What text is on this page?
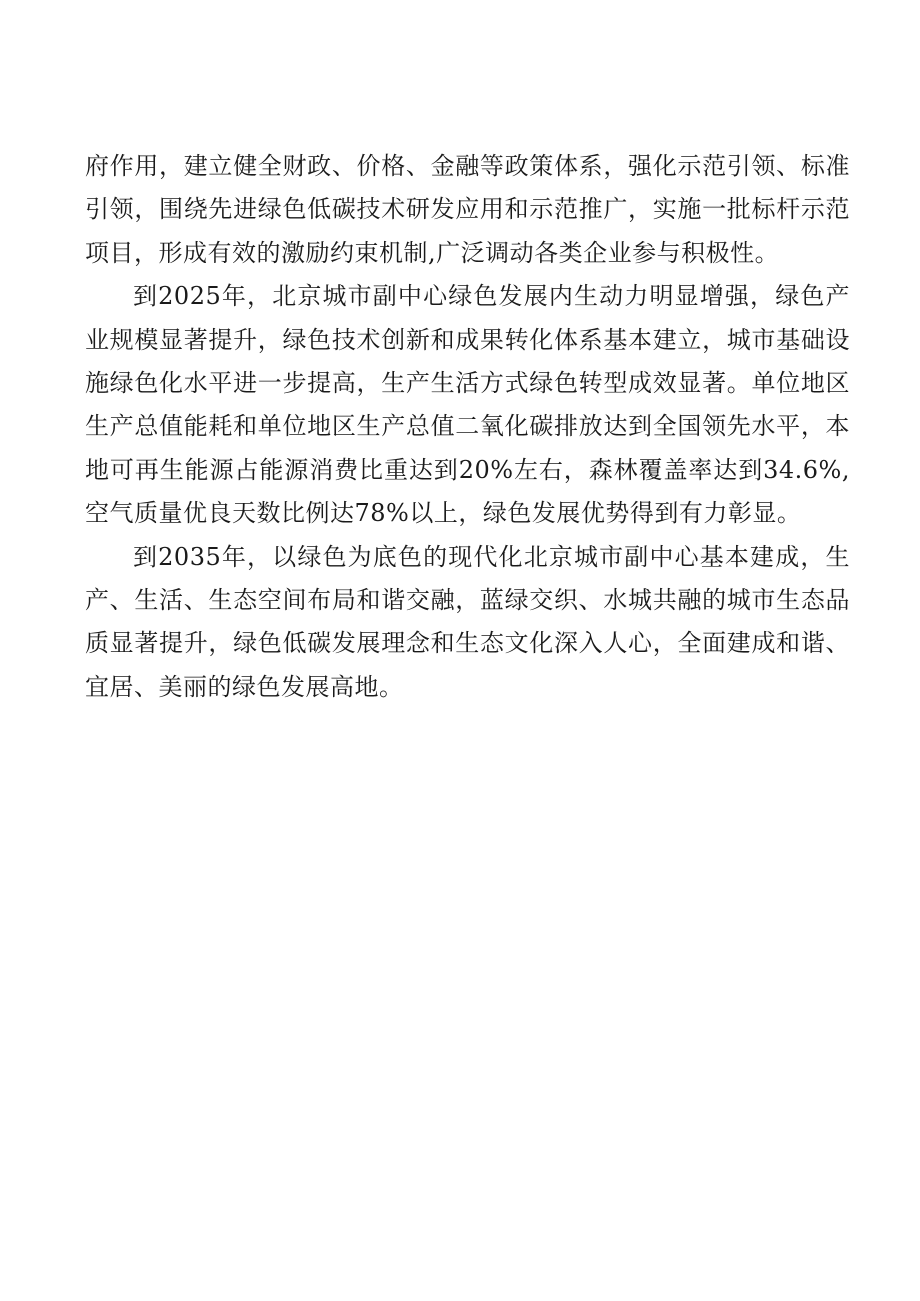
府作用，建立健全财政、价格、金融等政策体系，强化示范引领、标准引领，围绕先进绿色低碳技术研发应用和示范推广，实施一批标杆示范项目，形成有效的激励约束机制,广泛调动各类企业参与积极性。

到2025年，北京城市副中心绿色发展内生动力明显增强，绿色产业规模显著提升，绿色技术创新和成果转化体系基本建立，城市基础设施绿色化水平进一步提高，生产生活方式绿色转型成效显著。单位地区生产总值能耗和单位地区生产总值二氧化碳排放达到全国领先水平，本地可再生能源占能源消费比重达到20%左右，森林覆盖率达到34.6%,空气质量优良天数比例达78%以上，绿色发展优势得到有力彰显。

到2035年，以绿色为底色的现代化北京城市副中心基本建成，生产、生活、生态空间布局和谐交融，蓝绿交织、水城共融的城市生态品质显著提升，绿色低碳发展理念和生态文化深入人心，全面建成和谐、宜居、美丽的绿色发展高地。
